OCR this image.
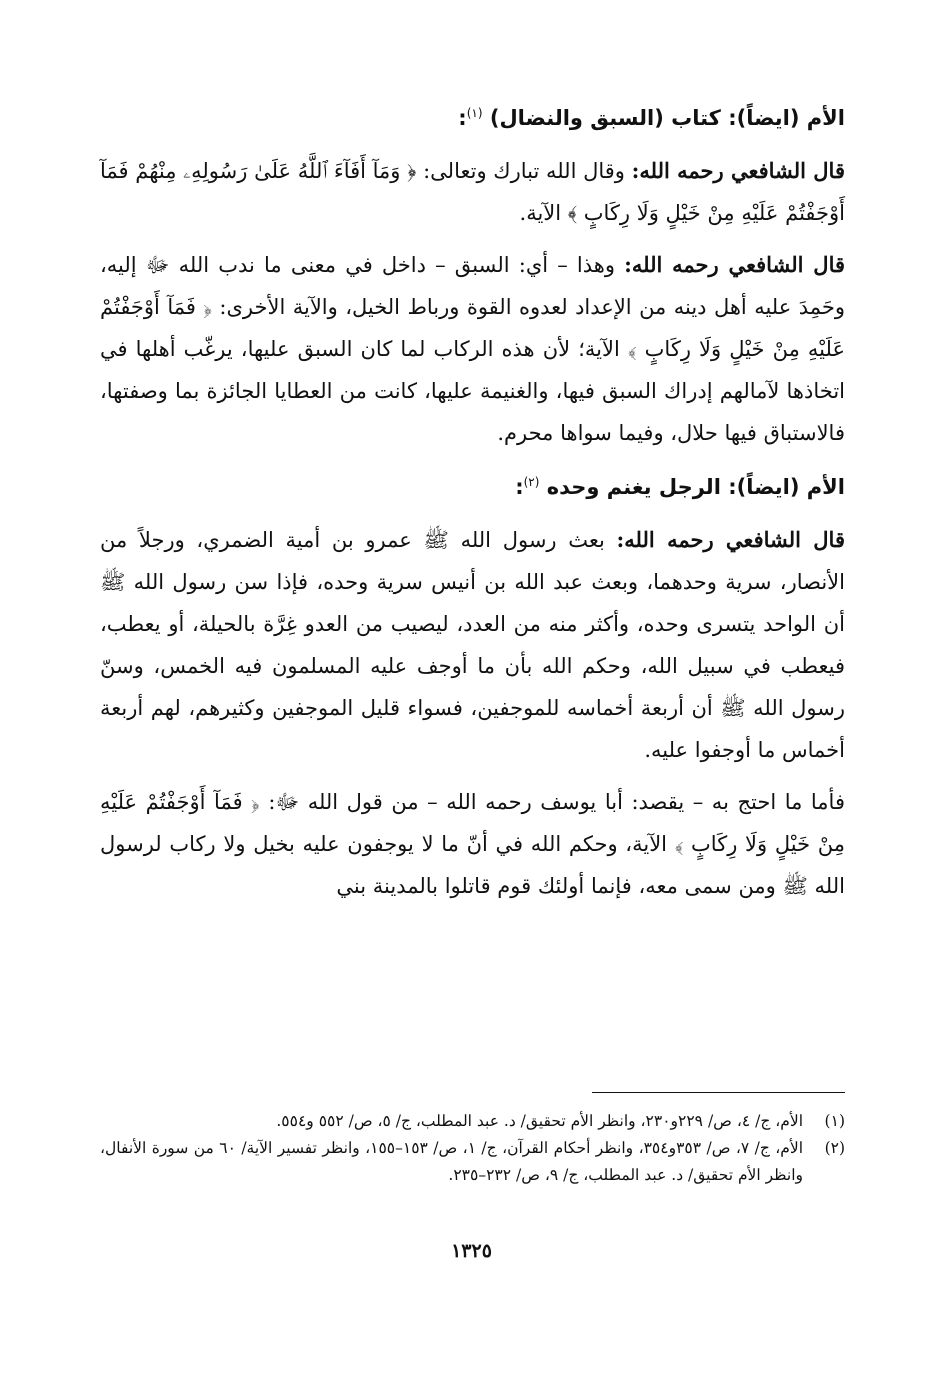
الأم (ايضاً): كتاب (السبق والنضال) $^{(١)}$:

قال الشافعي رحمه الله: وقال الله تبارك وتعالى: ﴿ وَمَآ أَفَآءَ ٱللَّهُ عَلَىٰ رَسُولِهِۦ مِنْهُمْ فَمَآ أَوْجَفْتُمْ عَلَيْهِ مِنْ خَيْلٍ وَلَا رِكَابٍ ﴾ الآية.

قال الشافعي رحمه الله: وهذا – أي: السبق – داخل في معنى ما ندب الله ﷻ إليه، وحَمِدَ عليه أهل دينه من الإعداد لعدوه القوة ورباط الخيل، والآية الأخرى: ﴿ فَمَآ أَوْجَفْتُمْ عَلَيْهِ مِنْ خَيْلٍ وَلَا رِكَابٍ ﴾ الآية؛ لأن هذه الركاب لما كان السبق عليها، يرغّب أهلها في اتخاذها لآمالهم إدراك السبق فيها، والغنيمة عليها، كانت من العطايا الجائزة بما وصفتها، فالاستباق فيها حلال، وفيما سواها محرم.

الأم (ايضاً): الرجل يغنم وحده $^{(٢)}$:

قال الشافعي رحمه الله: بعث رسول الله ﷺ عمرو بن أمية الضمري، ورجلاً من الأنصار، سرية وحدهما، وبعث عبد الله بن أنيس سرية وحده، فإذا سن رسول الله ﷺ أن الواحد يتسرى وحده، وأكثر منه من العدد، ليصيب من العدو غِرَّة بالحيلة، أو يعطب، فيعطب في سبيل الله، وحكم الله بأن ما أوجف عليه المسلمون فيه الخمس، وسنّ رسول الله ﷺ أن أربعة أخماسه للموجفين، فسواء قليل الموجفين وكثيرهم، لهم أربعة أخماس ما أوجفوا عليه.

فأما ما احتج به – يقصد: أبا يوسف رحمه الله – من قول الله ﷻ: ﴿ فَمَآ أَوْجَفْتُمْ عَلَيْهِ مِنْ خَيْلٍ وَلَا رِكَابٍ ﴾ الآية، وحكم الله في أنّ ما لا يوجفون عليه بخيل ولا ركاب لرسول الله ﷺ ومن سمى معه، فإنما أولئك قوم قاتلوا بالمدينة بني

(١)الأم، ج/ ٤، ص/ ٢٢٩و٢٣٠، وانظر الأم تحقيق/ د. عبد المطلب، ج/ ٥، ص/ ٥٥٢ و٥٥٤.

(٢)الأم، ج/ ٧، ص/ ٣٥٣و٣٥٤، وانظر أحكام القرآن، ج/ ١، ص/ ١٥٣–١٥٥، وانظر تفسير الآية/ ٦٠ من سورة الأنفال، وانظر الأم تحقيق/ د. عبد المطلب، ج/ ٩، ص/ ٢٣٢–٢٣٥.

١٣٢٥
